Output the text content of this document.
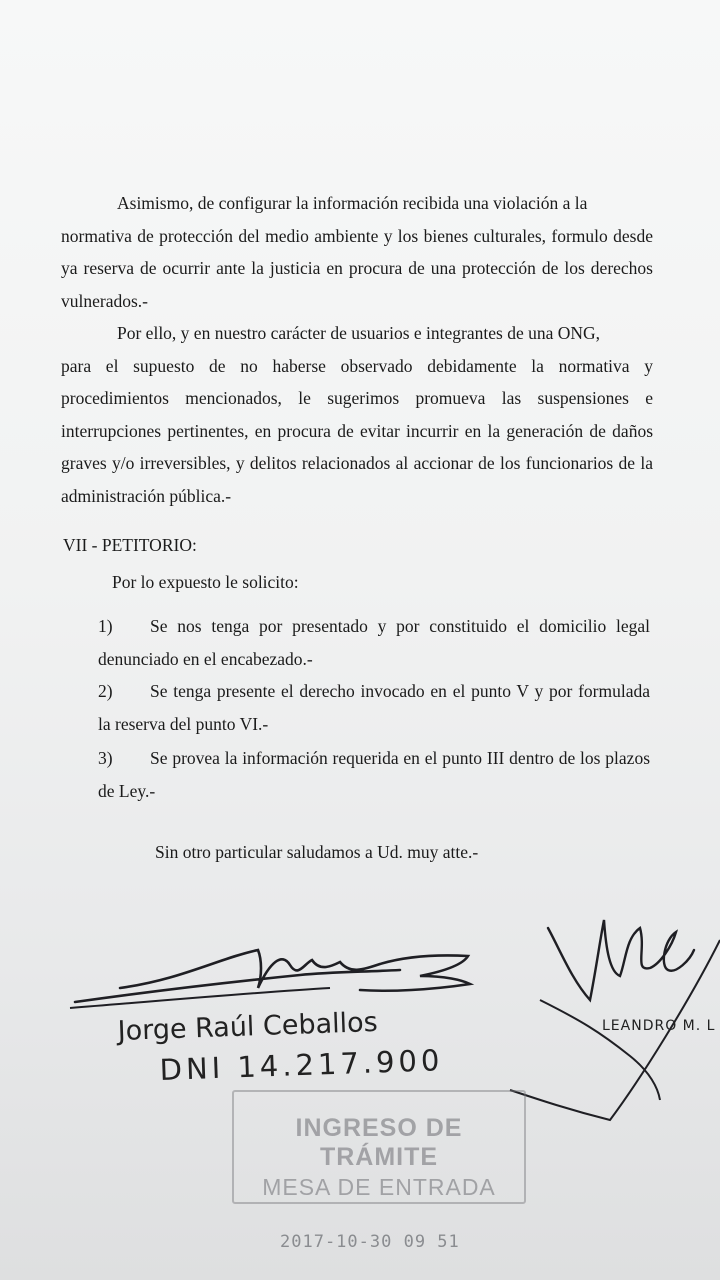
Asimismo, de configurar la información recibida una violación a la
normativa de protección del medio ambiente y los bienes culturales, formulo desde ya reserva de ocurrir ante la justicia en procura de una protección de los derechos vulnerados.-
Por ello, y en nuestro carácter de usuarios e integrantes de una ONG,
para el supuesto de no haberse observado debidamente la normativa y procedimientos mencionados, le sugerimos promueva las suspensiones e interrupciones pertinentes, en procura de evitar incurrir en la generación de daños graves y/o irreversibles, y delitos relacionados al accionar de los funcionarios de la administración pública.-
VII - PETITORIO:
Por lo expuesto le solicito:
1) Se nos tenga por presentado y por constituido el domicilio legal denunciado en el encabezado.-
2) Se tenga presente el derecho invocado en el punto V y por formulada la reserva del punto VI.-
3) Se provea la información requerida en el punto III dentro de los plazos de Ley.-
Sin otro particular saludamos a Ud. muy atte.-
Jorge Raúl Ceballos
DNI 14.217.900
LEANDRO M. L
INGRESO DE TRÁMITE
MESA DE ENTRADA
2017-10-30 09 51
